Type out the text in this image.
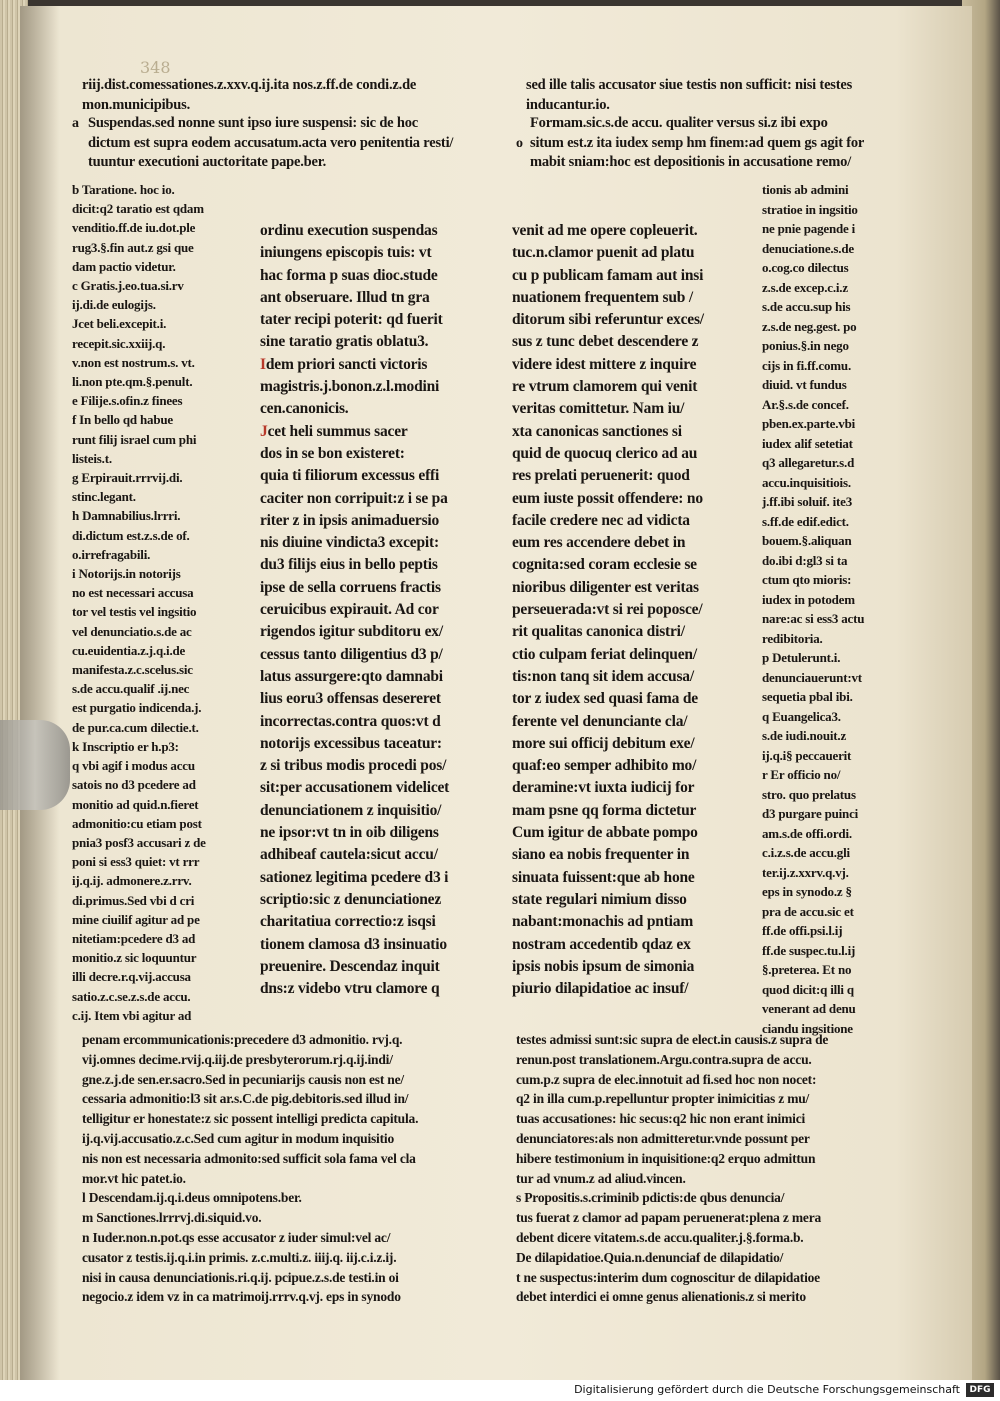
348
riij.dist.comessationes.z.xxv.q.ij.ita nos.z.ff.de condi.z.de
mon.municipibus.
a Suspendas.sed nonne sunt ipso iure suspensi: sic de hoc
dictum est supra eodem accusatum.acta vero penitentia resti/
tuuntur executioni auctoritate pape.ber.
sed ille talis accusator siue testis non sufficit: nisi testes
inducantur.io.
o
Formam.sic.s.de accu. qualiter versus si.z ibi expo
situm est.z ita iudex semp hm finem:ad quem gs agit for
mabit sniam:hoc est depositionis in accusatione remo/
b Taratione. hoc io.
dicit:q2 taratio est qdam
venditio.ff.de iu.dot.ple
rug3.§.fin aut.z gsi que
dam pactio videtur.
c Gratis.j.eo.tua.si.rv
ij.di.de eulogijs.
Jcet beli.excepit.i.
recepit.sic.xxiij.q.
v.non est nostrum.s. vt.
li.non pte.qm.§.penult.
e Filije.s.ofin.z finees
f In bello qd habue
runt filij israel cum phi
listeis.t.
g Erpirauit.rrrvij.di.
stinc.legant.
h Damnabilius.lrrri.
di.dictum est.z.s.de of.
o.irrefragabili.
i Notorijs.in notorijs
no est necessari accusa
tor vel testis vel ingsitio
vel denunciatio.s.de ac
cu.euidentia.z.j.q.i.de
manifesta.z.c.scelus.sic
s.de accu.qualif .ij.nec
est purgatio indicenda.j.
de pur.ca.cum dilectie.t.
k Inscriptio er h.p3:
q vbi agif i modus accu
satois no d3 pcedere ad
monitio ad quid.n.fieret
admonitio:cu etiam post
pnia3 posf3 accusari z de
poni si ess3 quiet: vt rrr
ij.q.ij. admonere.z.rrv.
di.primus.Sed vbi d cri
mine ciuilif agitur ad pe
nitetiam:pcedere d3 ad
monitio.z sic loquuntur
illi decre.r.q.vij.accusa
satio.z.c.se.z.s.de accu.
c.ij. Item vbi agitur ad
ordinu execution suspendas
iniungens episcopis tuis: vt
hac forma p suas dioc.stude
ant obseruare. Illud tn gra
tater recipi poterit: qd fuerit
sine taratio gratis oblatu3.
Idem priori sancti victoris
magistris.j.bonon.z.l.modini
cen.canonicis.
Jcet heli summus sacer
dos in se bon existeret:
quia ti filiorum excessus effi
caciter non corripuit:z i se pa
riter z in ipsis animaduersio
nis diuine vindicta3 excepit:
du3 filijs eius in bello peptis
ipse de sella corruens fractis
ceruicibus expirauit. Ad cor
rigendos igitur subditoru ex/
cessus tanto diligentius d3 p/
latus assurgere:qto damnabi
lius eoru3 offensas desereret
incorrectas.contra quos:vt d
notorijs excessibus taceatur:
z si tribus modis procedi pos/
sit:per accusationem videlicet
denunciationem z inquisitio/
ne ipsor:vt tn in oib diligens
adhibeaf cautela:sicut accu/
sationez legitima pcedere d3 i
scriptio:sic z denunciationez
charitatiua correctio:z isqsi
tionem clamosa d3 insinuatio
preuenire. Descendaz inquit
dns:z videbo vtru clamore q
venit ad me opere copleuerit.
tuc.n.clamor puenit ad platu
cu p publicam famam aut insi
nuationem frequentem sub /
ditorum sibi referuntur exces/
sus z tunc debet descendere z
videre idest mittere z inquire
re vtrum clamorem qui venit
veritas comittetur. Nam iu/
xta canonicas sanctiones si
quid de quocuq clerico ad au
res prelati peruenerit: quod
eum iuste possit offendere: no
facile credere nec ad vidicta
eum res accendere debet in
cognita:sed coram ecclesie se
nioribus diligenter est veritas
perseuerada:vt si rei poposce/
rit qualitas canonica distri/
ctio culpam feriat delinquen/
tis:non tanq sit idem accusa/
tor z iudex sed quasi fama de
ferente vel denunciante cla/
more sui officij debitum exe/
quaf:eo semper adhibito mo/
deramine:vt iuxta iudicij for
mam psne qq forma dictetur
Cum igitur de abbate pompo
siano ea nobis frequenter in
sinuata fuissent:que ab hone
state regulari nimium disso
nabant:monachis ad pntiam
nostram accedentib qdaz ex
ipsis nobis ipsum de simonia
piurio dilapidatioe ac insuf/
tionis ab admini
stratioe in ingsitio
ne pnie pagende i
denuciatione.s.de
o.cog.co dilectus
z.s.de excep.c.i.z
s.de accu.sup his
z.s.de neg.gest. po
ponius.§.in nego
cijs in fi.ff.comu.
diuid. vt fundus
Ar.§.s.de concef.
pben.ex.parte.vbi
iudex alif setetiat
q3 allegaretur.s.d
accu.inquisitiois.
j.ff.ibi soluif. ite3
s.ff.de edif.edict.
bouem.§.aliquan
do.ibi d:gl3 si ta
ctum qto mioris:
iudex in potodem
nare:ac si ess3 actu
redibitoria.
p Detulerunt.i.
denunciauerunt:vt
sequetia pbal ibi.
q Euangelica3.
s.de iudi.nouit.z
ij.q.i§ peccauerit
r Er officio no/
stro. quo prelatus
d3 purgare puinci
am.s.de offi.ordi.
c.i.z.s.de accu.gli
ter.ij.z.xxrv.q.vj.
eps in synodo.z §
pra de accu.sic et
ff.de offi.psi.l.ij
ff.de suspec.tu.l.ij
§.preterea. Et no
quod dicit:q illi q
venerant ad denu
ciandu ingsitione
penam ercommunicationis:precedere d3 admonitio. rvj.q.
vij.omnes decime.rvij.q.iij.de presbyterorum.rj.q.ij.indi/
gne.z.j.de sen.er.sacro.Sed in pecuniarijs causis non est ne/
cessaria admonitio:l3 sit ar.s.C.de pig.debitoris.sed illud in/
telligitur er honestate:z sic possent intelligi predicta capitula.
ij.q.vij.accusatio.z.c.Sed cum agitur in modum inquisitio
nis non est necessaria admonito:sed sufficit sola fama vel cla
mor.vt hic patet.io.
l Descendam.ij.q.i.deus omnipotens.ber.
m Sanctiones.lrrrvj.di.siquid.vo.
n Iuder.non.n.pot.qs esse accusator z iuder simul:vel ac/
cusator z testis.ij.q.i.in primis. z.c.multi.z. iiij.q. iij.c.i.z.ij.
nisi in causa denunciationis.ri.q.ij. pcipue.z.s.de testi.in oi
negocio.z idem vz in ca matrimoij.rrrv.q.vj. eps in synodo
testes admissi sunt:sic supra de elect.in causis.z supra de
renun.post translationem.Argu.contra.supra de accu.
cum.p.z supra de elec.innotuit ad fi.sed hoc non nocet:
q2 in illa cum.p.repelluntur propter inimicitias z mu/
tuas accusationes: hic secus:q2 hic non erant inimici
denunciatores:als non admitteretur.vnde possunt per
hibere testimonium in inquisitione:q2 erquo admittun
tur ad vnum.z ad aliud.vincen.
s Propositis.s.criminib pdictis:de qbus denuncia/
tus fuerat z clamor ad papam peruenerat:plena z mera
debent dicere vitatem.s.de accu.qualiter.j.§.forma.b.
De dilapidatioe.Quia.n.denunciaf de dilapidatio/
t ne suspectus:interim dum cognoscitur de dilapidatioe
debet interdici ei omne genus alienationis.z si merito
Digitalisierung gefördert durch die Deutsche Forschungsgemeinschaft	DFG
